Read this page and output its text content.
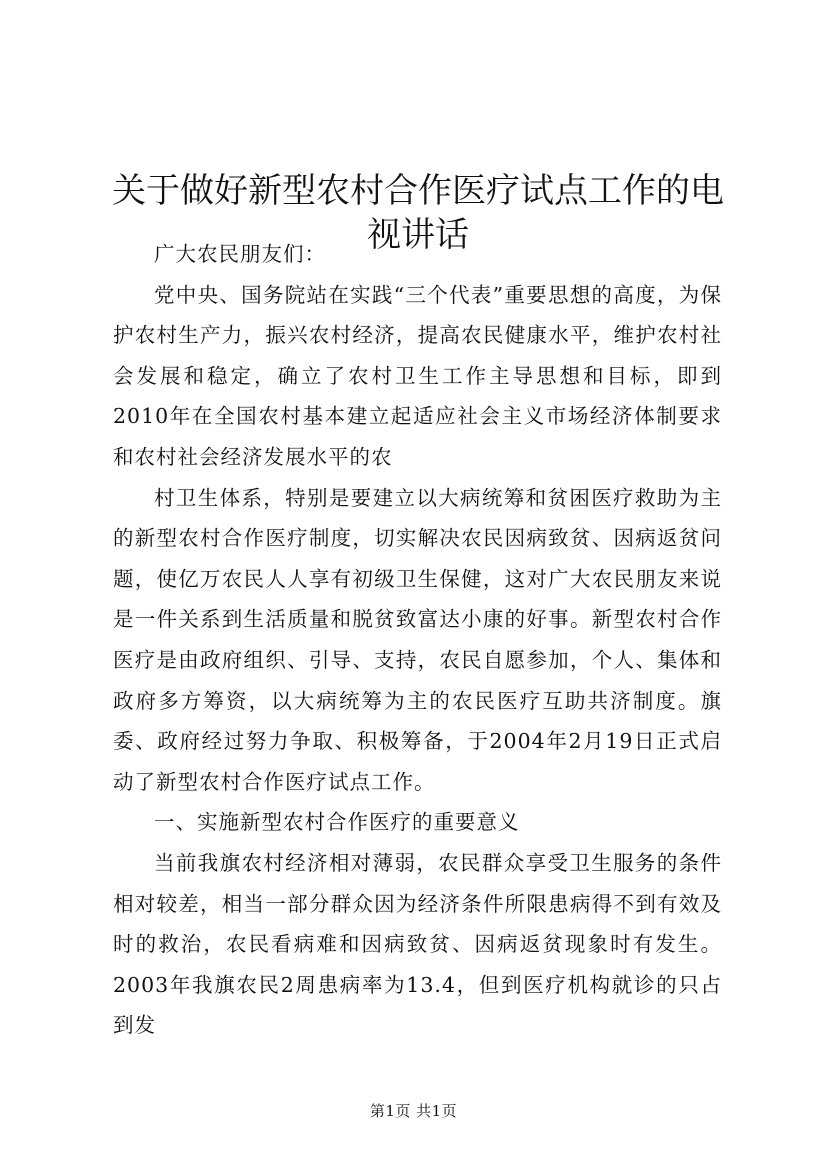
关于做好新型农村合作医疗试点工作的电视讲话

广大农民朋友们：

党中央、国务院站在实践“三个代表”重要思想的高度，为保护农村生产力，振兴农村经济，提高农民健康水平，维护农村社会发展和稳定，确立了农村卫生工作主导思想和目标，即到2010年在全国农村基本建立起适应社会主义市场经济体制要求和农村社会经济发展水平的农

村卫生体系，特别是要建立以大病统筹和贫困医疗救助为主的新型农村合作医疗制度，切实解决农民因病致贫、因病返贫问题，使亿万农民人人享有初级卫生保健，这对广大农民朋友来说是一件关系到生活质量和脱贫致富达小康的好事。新型农村合作医疗是由政府组织、引导、支持，农民自愿参加，个人、集体和政府多方筹资，以大病统筹为主的农民医疗互助共济制度。旗委、政府经过努力争取、积极筹备，于2004年2月19日正式启动了新型农村合作医疗试点工作。

一、实施新型农村合作医疗的重要意义

当前我旗农村经济相对薄弱，农民群众享受卫生服务的条件相对较差，相当一部分群众因为经济条件所限患病得不到有效及时的救治，农民看病难和因病致贫、因病返贫现象时有发生。2003年我旗农民2周患病率为13.4，但到医疗机构就诊的只占到发

第1页 共1页
